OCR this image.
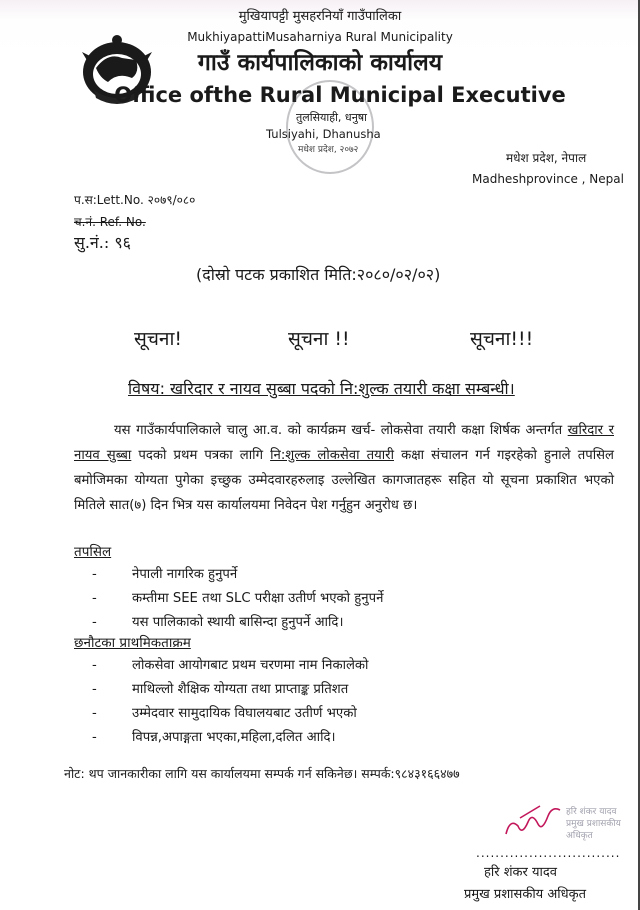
मुखियापट्टी मुसहरनियाँ गाउँपालिका
MukhiyapattiMusaharniya Rural Municipality
गाउँ कार्यपालिकाको कार्यालय
Office ofthe Rural Municipal Executive
तुलसियाही, धनुषा
Tulsiyahi, Dhanusha
मधेश प्रदेश, २०७२
मधेश प्रदेश, नेपाल
Madheshprovince , Nepal
प.स:Lett.No. २०७९/०८०
च.नं. Ref. No.
सु.नं.: ९६
(दोस्रो पटक प्रकाशित मिति:२०८०/०२/०२)
सूचना!	सूचना !!	सूचना!!!
विषय: खरिदार र नायव सुब्बा पदको नि:शुल्क तयारी कक्षा सम्बन्धी।

यस गाउँकार्यपालिकाले चालु आ.व. को कार्यक्रम खर्च- लोकसेवा तयारी कक्षा शिर्षक अन्तर्गत खरिदार र नायव सुब्बा पदको प्रथम पत्रका लागि नि:शुल्क लोकसेवा तयारी कक्षा संचालन गर्न गइरहेको हुनाले तपसिल बमोजिमका योग्यता पुगेका इच्छुक उम्मेदवारहरुलाइ उल्लेखित कागजातहरू सहित यो सूचना प्रकाशित भएको मितिले सात(७) दिन भित्र यस कार्यालयमा निवेदन पेश गर्नुहुन अनुरोध छ।

तपसिल
-	नेपाली नागरिक हुनुपर्ने
-	कम्तीमा SEE तथा SLC परीक्षा उतीर्ण भएको हुनुपर्ने
-	यस पालिकाको स्थायी बासिन्दा हुनुपर्ने आदि।
छनौटका प्राथमिकताक्रम
-	लोकसेवा आयोगबाट प्रथम चरणमा नाम निकालेको
-	माथिल्लो शैक्षिक योग्यता तथा प्राप्ताङ्क प्रतिशत
-	उम्मेदवार सामुदायिक विघालयबाट उतीर्ण भएको
-	विपन्न,अपाङ्गता भएका,महिला,दलित आदि।
नोट: थप जानकारीका लागि यस कार्यालयमा सम्पर्क गर्न सकिनेछ। सम्पर्क:९८४३१६६४७७
हरि शंकर यादव प्रमुख प्रशासकीय अधिकृत
..............................
हरि शंकर यादव
प्रमुख प्रशासकीय अधिकृत
